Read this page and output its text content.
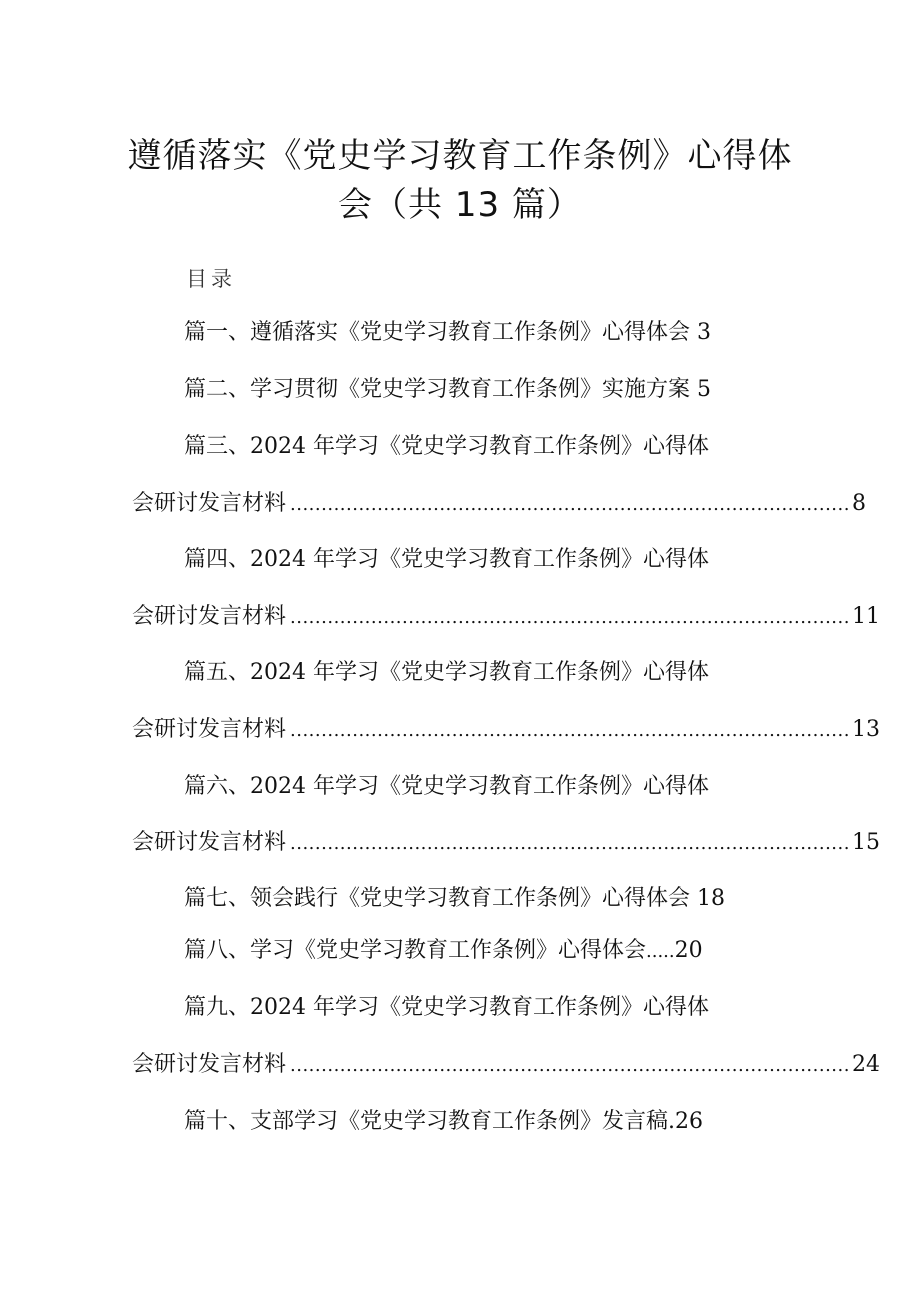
遵循落实《党史学习教育工作条例》心得体
会（共 13 篇）
目录
篇一、遵循落实《党史学习教育工作条例》心得体会 3
篇二、学习贯彻《党史学习教育工作条例》实施方案 5
篇三、2024 年学习《党史学习教育工作条例》心得体
会研讨发言材料 .......................................................................................... 8
篇四、2024 年学习《党史学习教育工作条例》心得体
会研讨发言材料 .......................................................................................... 11
篇五、2024 年学习《党史学习教育工作条例》心得体
会研讨发言材料 .......................................................................................... 13
篇六、2024 年学习《党史学习教育工作条例》心得体
会研讨发言材料 .......................................................................................... 15
篇七、领会践行《党史学习教育工作条例》心得体会 18
篇八、学习《党史学习教育工作条例》心得体会.....20
篇九、2024 年学习《党史学习教育工作条例》心得体
会研讨发言材料 .......................................................................................... 24
篇十、支部学习《党史学习教育工作条例》发言稿.26
